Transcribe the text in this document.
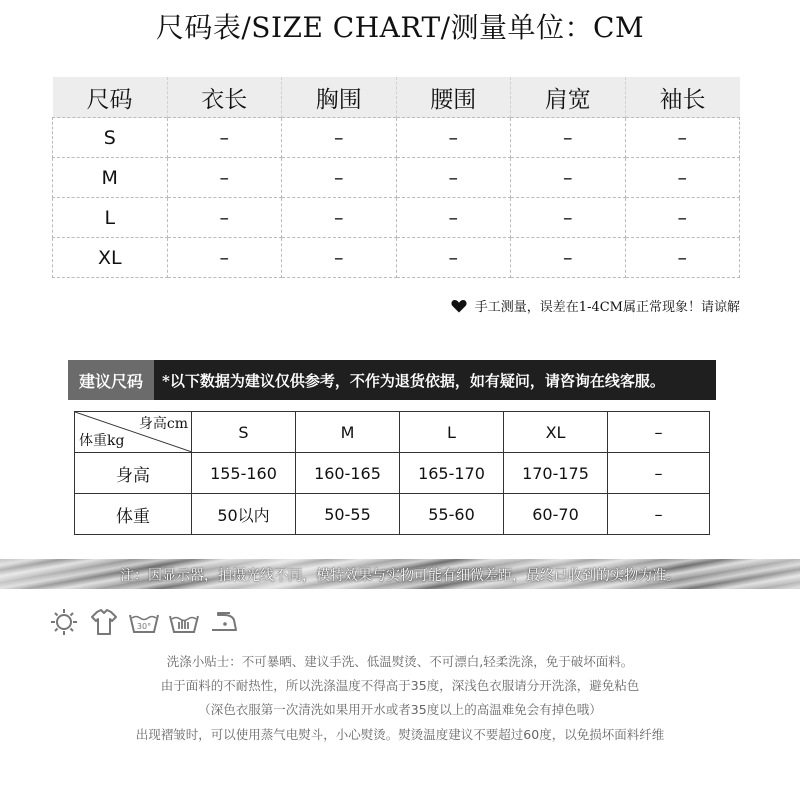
尺码表/SIZE CHART/测量单位：CM
尺码	衣长	胸围	腰围	肩宽	袖长
S	–	–	–	–	–
M	–	–	–	–	–
L	–	–	–	–	–
XL	–	–	–	–	–
手工测量，误差在1-4CM属正常现象！请谅解
建议尺码	*以下数据为建议仅供参考，不作为退货依据，如有疑问，请咨询在线客服。
身高cm
体重kg	S	M	L	XL	–
身高	155-160	160-165	165-170	170-175	–
体重	50以内	50-55	55-60	60-70	–
注：因显示器，拍摄光线不同，模特效果与实物可能有细微差距，最终已收到的实物为准。
30°
洗涤小贴士：不可暴晒、建议手洗、低温熨烫、不可漂白,轻柔洗涤，免于破坏面料。
由于面料的不耐热性，所以洗涤温度不得高于35度，深浅色衣服请分开洗涤，避免粘色
（深色衣服第一次清洗如果用开水或者35度以上的高温难免会有掉色哦）
出现褶皱时，可以使用蒸气电熨斗，小心熨烫。熨烫温度建议不要超过60度，以免损坏面料纤维
